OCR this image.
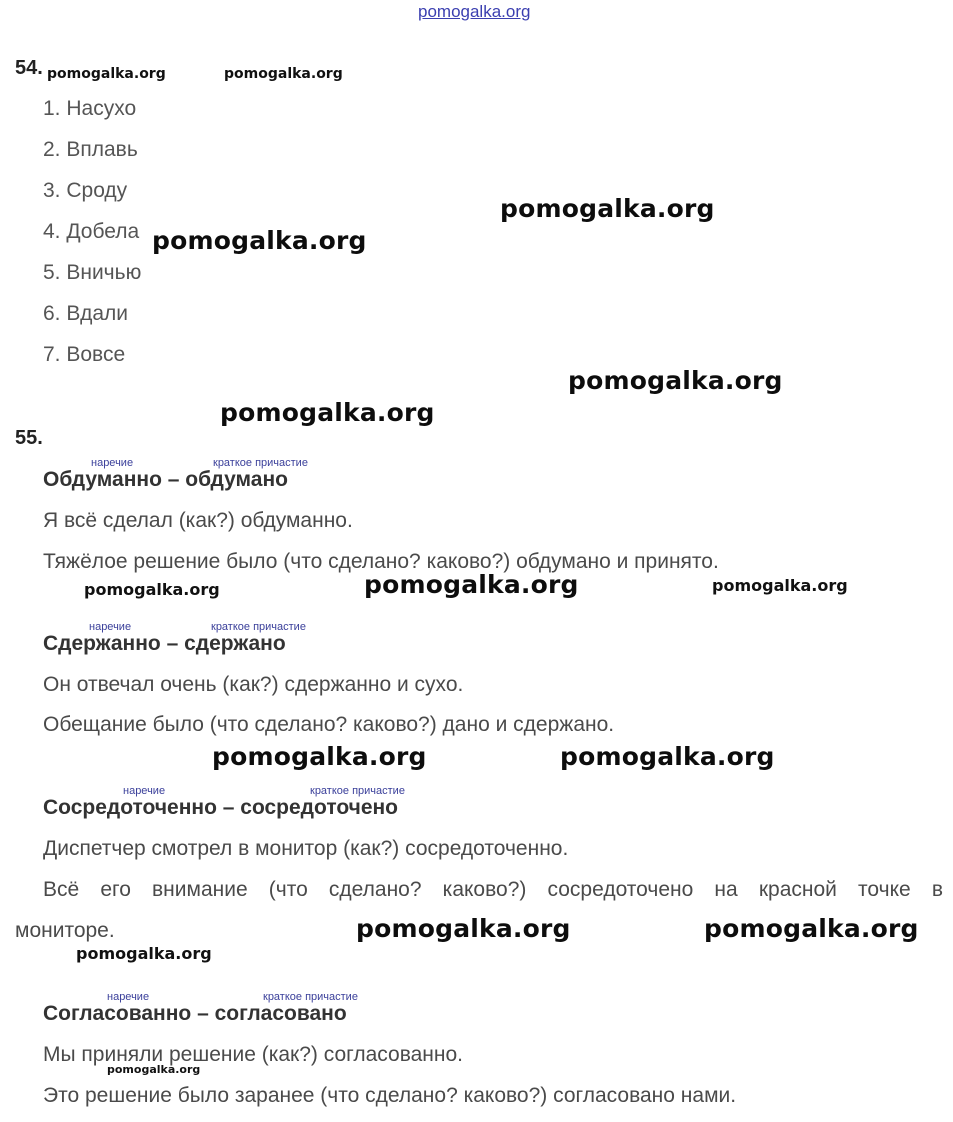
pomogalka.org
54. pomogalka.org	pomogalka.org
1. Насухо
2. Вплавь
3. Сроду
4. Добела
5. Вничью
6. Вдали
7. Вовсе
pomogalka.org
pomogalka.org
pomogalka.org
pomogalka.org
55.
наречие	краткое причастие
Обдуманно – обдумано
Я всё сделал (как?) обдуманно.
Тяжёлое решение было (что сделано? каково?) обдумано и принято.
pomogalka.org	pomogalka.org	pomogalka.org
наречие	краткое причастие
Сдержанно – сдержано
Он отвечал очень (как?) сдержанно и сухо.
Обещание было (что сделано? каково?) дано и сдержано.
pomogalka.org	pomogalka.org
наречие	краткое причастие
Сосредоточенно – сосредоточено
Диспетчер смотрел в монитор (как?) сосредоточенно.
Всё его внимание (что сделано? каково?) сосредоточено на красной точке в
мониторе.	pomogalka.org	pomogalka.org
pomogalka.org
наречие	краткое причастие
Согласованно – согласовано
Мы приняли решение (как?) согласованно.
pomogalka.org
Это решение было заранее (что сделано? каково?) согласовано нами.
